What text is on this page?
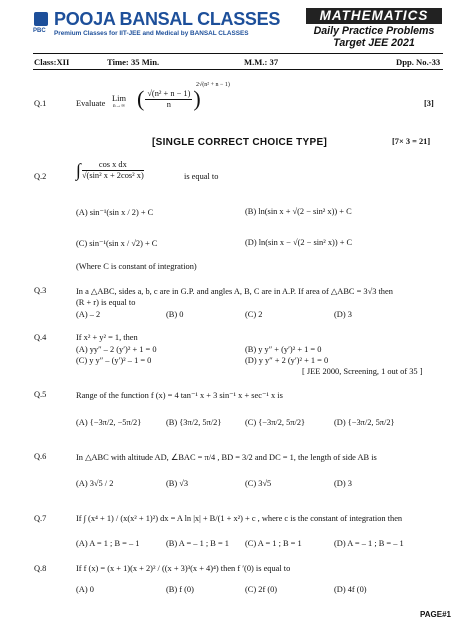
PBC
POOJA BANSAL CLASSES
Premium Classes for IIT-JEE and Medical by BANSAL CLASSES
MATHEMATICS
Daily Practice Problems
Target JEE 2021
Class:XII	Time: 35 Min.	M.M.: 37	Dpp. No.-33
Q.1	Evaluate
Lim
n→∞ ( $\frac{\text{√(n² + n − 1)}}{n}$ )
2√(n² + n − 1)
[3]
[SINGLE CORRECT CHOICE TYPE]	[7× 3 = 21]
Q.2 ∫ $\frac{\text{cos x dx}}{\text{√(sin² x + 2cos² x)}}$	is equal to
(A) sin⁻¹(sin x / 2) + C	(B) ln(sin x + √(2 − sin² x)) + C
(C) sin⁻¹(sin x / √2) + C	(D) ln(sin x − √(2 − sin² x)) + C
(Where C is constant of integration)
Q.3	In a △ABC, sides a, b, c are in G.P. and angles A, B, C are in A.P. If area of △ABC = 3√3 then
(R + r) is equal to
(A) – 2	(B) 0	(C) 2	(D) 3
Q.4	If x² + y² = 1, then
(A) yy″ – 2 (y′)² + 1 = 0	(B) y y″ + (y′)² + 1 = 0
(C) y y″ – (y′)² – 1 = 0	(D) y y″ + 2 (y′)² + 1 = 0
[ JEE 2000, Screening, 1 out of 35 ]
Q.5	Range of the function f (x) = 4 tan⁻¹ x + 3 sin⁻¹ x + sec⁻¹ x is
(A) {−3π/2, −5π/2}	(B) {3π/2, 5π/2}	(C) {−3π/2, 5π/2}	(D) {−3π/2, 5π/2}
Q.6	In △ABC with altitude AD, ∠BAC = π/4 , BD = 3/2 and DC = 1, the length of side AB is
(A) 3√5 / 2	(B) √3	(C) 3√5	(D) 3
Q.7	If ∫ (x⁴ + 1) / (x(x² + 1)²) dx = A ln |x| + B/(1 + x²) + c , where c is the constant of integration then
(A) A = 1 ; B = – 1	(B) A = – 1 ; B = 1 (C) A = 1 ; B = 1	(D) A = – 1 ; B = – 1
Q.8	If f (x) = (x + 1)(x + 2)² / ((x + 3)³(x + 4)⁴) then f ′(0) is equal to
(A) 0	(B) f (0)	(C) 2f (0)	(D) 4f (0)
PAGE#1
